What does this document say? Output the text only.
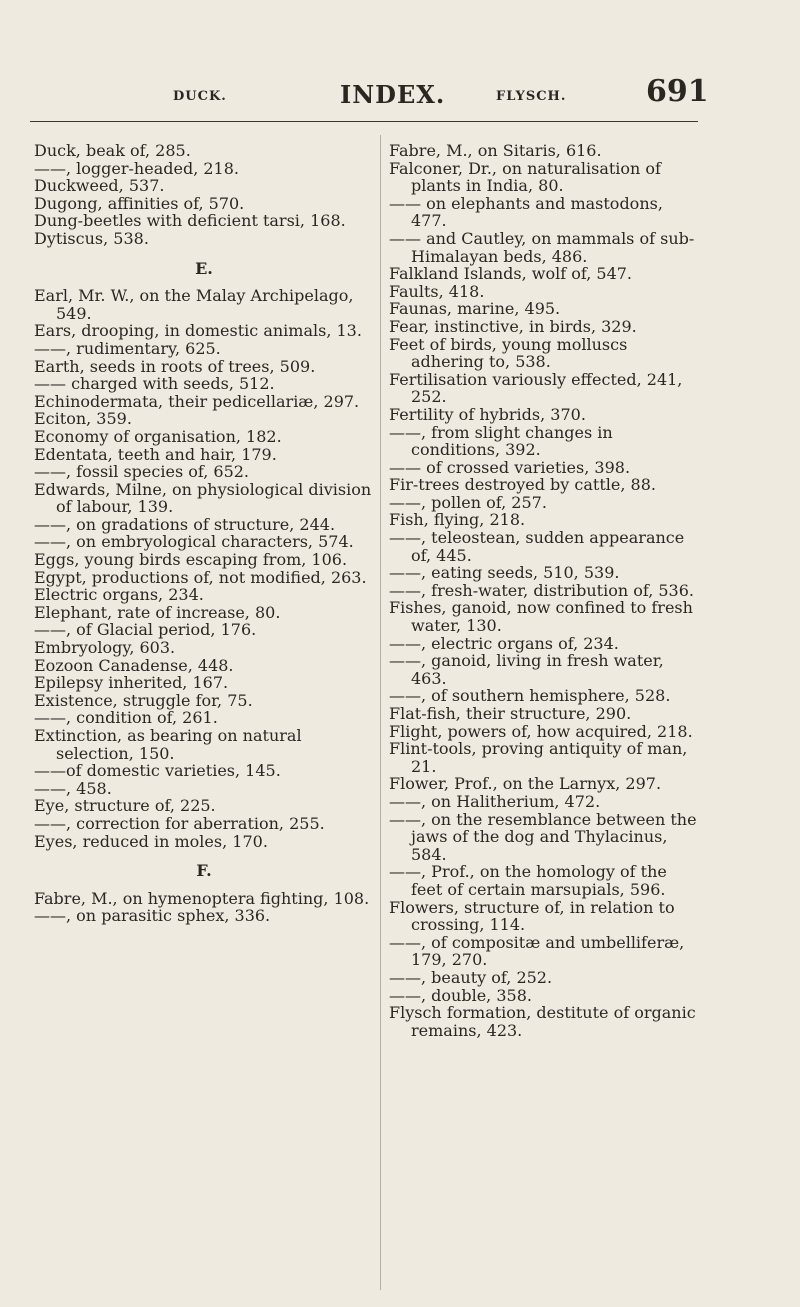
DUCK.	INDEX.	FLYSCH.	691

Duck, beak of, 285.

——, logger-headed, 218.

Duckweed, 537.

Dugong, affinities of, 570.

Dung-beetles with deficient tarsi, 168.

Dytiscus, 538.

E.

Earl, Mr. W., on the Malay Archipelago, 549.

Ears, drooping, in domestic animals, 13.

——, rudimentary, 625.

Earth, seeds in roots of trees, 509.

—— charged with seeds, 512.

Echinodermata, their pedicellariæ, 297.

Eciton, 359.

Economy of organisation, 182.

Edentata, teeth and hair, 179.

——, fossil species of, 652.

Edwards, Milne, on physiological division of labour, 139.

——, on gradations of structure, 244.

——, on embryological characters, 574.

Eggs, young birds escaping from, 106.

Egypt, productions of, not modified, 263.

Electric organs, 234.

Elephant, rate of increase, 80.

——, of Glacial period, 176.

Embryology, 603.

Eozoon Canadense, 448.

Epilepsy inherited, 167.

Existence, struggle for, 75.

——, condition of, 261.

Extinction, as bearing on natural selection, 150.

——of domestic varieties, 145.

——, 458.

Eye, structure of, 225.

——, correction for aberration, 255.

Eyes, reduced in moles, 170.

F.

Fabre, M., on hymenoptera fighting, 108.

——, on parasitic sphex, 336.

Fabre, M., on Sitaris, 616.

Falconer, Dr., on naturalisation of plants in India, 80.

—— on elephants and mastodons, 477.

—— and Cautley, on mammals of sub-Himalayan beds, 486.

Falkland Islands, wolf of, 547.

Faults, 418.

Faunas, marine, 495.

Fear, instinctive, in birds, 329.

Feet of birds, young molluscs adhering to, 538.

Fertilisation variously effected, 241, 252.

Fertility of hybrids, 370.

——, from slight changes in conditions, 392.

—— of crossed varieties, 398.

Fir-trees destroyed by cattle, 88.

——, pollen of, 257.

Fish, flying, 218.

——, teleostean, sudden appearance of, 445.

——, eating seeds, 510, 539.

——, fresh-water, distribution of, 536.

Fishes, ganoid, now confined to fresh water, 130.

——, electric organs of, 234.

——, ganoid, living in fresh water, 463.

——, of southern hemisphere, 528.

Flat-fish, their structure, 290.

Flight, powers of, how acquired, 218.

Flint-tools, proving antiquity of man, 21.

Flower, Prof., on the Larnyx, 297.

——, on Halitherium, 472.

——, on the resemblance between the jaws of the dog and Thylacinus, 584.

——, Prof., on the homology of the feet of certain marsupials, 596.

Flowers, structure of, in relation to crossing, 114.

——, of compositæ and umbelliferæ, 179, 270.

——, beauty of, 252.

——, double, 358.

Flysch formation, destitute of organic remains, 423.
